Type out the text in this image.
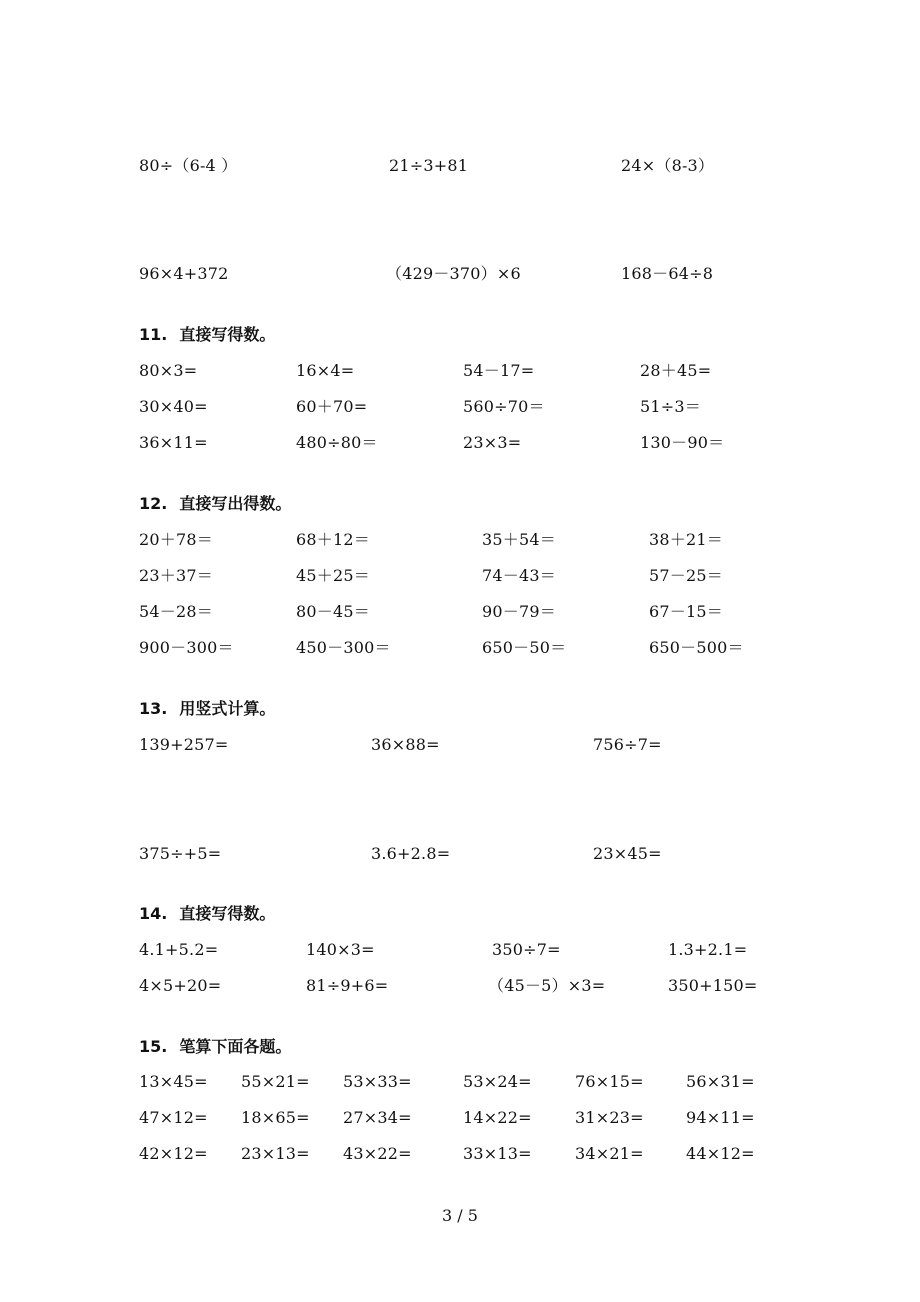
80÷（6-4 ）	21÷3+81	24×（8-3）
96×4+372	（429－370）×6	168－64÷8
11. 直接写得数。
80×3=	16×4=	54－17=	28＋45=
30×40=	60＋70=	560÷70＝	51÷3＝
36×11=	480÷80＝	23×3=	130－90＝
12. 直接写出得数。
20＋78＝	68＋12＝	35＋54＝	38＋21＝
23＋37＝	45＋25＝	74－43＝	57－25＝
54－28＝	80－45＝	90－79＝	67－15＝
900－300＝	450－300＝	650－50＝	650－500＝
13. 用竖式计算。
139+257=	36×88=	756÷7=
375÷+5=	3.6+2.8=	23×45=
14. 直接写得数。
4.1+5.2=	140×3=	350÷7=	1.3+2.1=
4×5+20=	81÷9+6=	（45－5）×3=	350+150=
15. 笔算下面各题。
13×45= 55×21= 53×33=	53×24=	76×15=	56×31=
47×12= 18×65= 27×34=	14×22=	31×23=	94×11=
42×12= 23×13= 43×22=	33×13=	34×21=	44×12=
3 / 5
